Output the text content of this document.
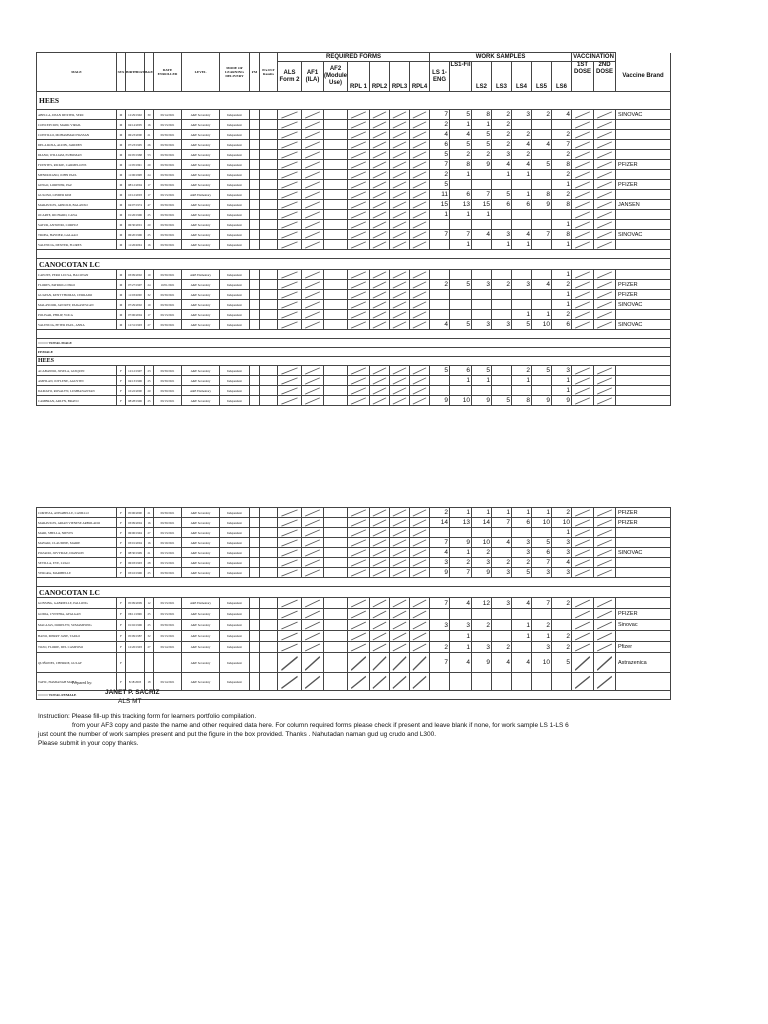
MALE	SEX	BIRTHDATE	AGE	DATE ENROLLED	LEVEL	MODE OF LEARNING DELIVERY	FM	Pre FLT Results	REQUIRED FORMS							WORK SAMPLES							VACCINATION		
									ALS Form 2	AF1 (ILA)	AF2 (Module Use)	RPL 1	RPL2	RPL3	RPL4	LS 1-ENG	LS1-Fil	LS2	LS3	LS4	LS5	LS6	1ST DOSE	2ND DOSE	Vaccine Brand
HEES																									
ABELLA, DEAN DEXTER, SERC	M	12/29/1992	30	09/14/2021	A&E Secondary	Independent										7	5	8	2	3	2	4			SINOVAC
CONCEPCION, MARK VIRGIL	M	04/14/2005	16	09/13/2021	A&E Secondary	Independent										2	1	1	2				

CONTILLO, MOHAMMAD HASSAN	M	06/23/2000	21	09/30/2021	A&E Secondary	Independent										4	4	5	2	2		2	

DELA ROSA, ALDIN, JARDIEN	M	07/23/1995	26	09/30/2021	A&E Secondary	Independent										6	5	5	2	4	4	7	

DIANO, WILLIAM, EUBOMAN	M	02/05/1968	53	09/30/2021	A&E Secondary	Independent										5	2	2	3	2		2	

FUENTES, RICKIE, CARMELO/NS	M	11/05/1991	29	09/30/2021	A&E Secondary	Independent										7	8	9	4	4	5	8			PFIZER
MENDOZANO, JOHN PAUL	M	11/06/1998	24	09/30/2021	A&E Secondary	Independent										2	1		1	1		2	

GINGO, LORENER, PAZ	M	08/12/2004	17	09/30/2021	A&E Secondary	Independent										5						1			PFIZER
GULOSO, LINDER KIM	M	10/12/2003	17	09/13/2021	A&E Elementary	Independent										11	6	7	5	1	8	2	

MARAVILES, ARNOLD, BALANZO	M	04/07/1974	47	09/30/2021	A&E Secondary	Independent										15	13	15	6	6	9	8			JANSEN
OCARTE, RICHARD, CANA	M	01/26/1996	25	09/30/2021	A&E Secondary	Independent										1	1	1					

SATUR, ANTONIO, CORPUZ	M	06/30/2001	20	09/30/2021	A&E Secondary	Independent																1	

TROPA, HAYDER, GALAAO	M	06/20/1996	25	09/30/2021	A&E Secondary	Independent										7	7	4	3	4	7	8			SINOVAC
VALENCIA, DEXTER, FLORES	M	11/26/2004	16	09/30/2021	A&E Secondary	Independent											1		1	1		1	

CANOCOTAN LC																									
CAPOTE, PERO LUCSA, HACOTAN	M	03/09/2002	19	09/30/2021	A&E Elementary	Independent																1	

FLORES, PATRIOG CISKO	M	07/27/1997	24	10/01/2021	A&E Secondary	Independent										2	5	3	2	3	4	2			PFIZER
GUAYAN, KENT THOMAS, CERRADO	M	11/03/2000	32	09/30/2021	A&E Secondary	Independent																1			PFIZER
MALAYOOR, JAN REY, PAIGASESCAN	M	07/29/2002	19	09/30/2021	A&E Secondary	Independent																1			SINOVAC
POLISAR, PHILIP, YOCA	M	07/06/2004	17	09/13/2021	A&E Secondary	Independent														1	1	2	

VALENCIA, PETER PAUL, ANNA	M	12/31/1993	27	09/30/2021	A&E Secondary	Independent										4	5	3	3	5	10	6			SINOVAC

===== TOTAL MALE																									
FEMALE																									
HEES																									
ACABANDO, JOSELA, GUIQUIN	F	12/12/1997	23	09/30/2021	A&E Secondary	Independent										5	6	5		2	5	3	

AMPILAN, JOYLENE, AGUSTIN	F	04/13/1996	25	09/30/2021	A&E Secondary	Independent											1	1		1		1	

DAMAYO, ROSALYN, LUMBANANTAN	F	10/22/2000	20	09/30/2021	A&E Elementary	Independent																1	

CAMBRAN, ARLYN, BRAVO	F	08/28/1996	25	09/13/2021	A&E Secondary	Independent										9	10	9	5	8	9	9	

CORTEZA, ANNABELLE, CANILLO	F	05/06/2000	21	09/30/2021	A&E Secondary	Independent										2	1	1	1	1	1	2			PFIZER
MARAVILES, ARIAN VIENESE ARBOLADO	F	03/09/2004	16	09/30/2021	A&E Secondary	Independent										14	13	14	7	6	10	10			PFIZER
MARI, SHELLA, NIEVES	F	06/06/1994	27	09/13/2021	A&E Secondary	Independent																1	

MAYAKI, CLAUDINE, MARIE	F	03/01/2004	16	09/19/2021	A&E Secondary	Independent										7	9	10	4	3	5	3	

POZADO, JOVYMAE, DIANSON	F	08/30/1999	21	09/13/2021	A&E Secondary	Independent										4	1	2		3	6	3			SINOVAC
SEVILLA, EVE, LUGO	F	06/03/1993	28	09/13/2021	A&E Secondary	Independent										3	2	3	2	2	7	4	

VERGRA, MARIBELLE	F	03/16/1996	25	09/30/2021	A&E Secondary	Independent										9	7	9	3	5	3	3	

CANOCOTAN LC																									
GONSING, GABRIELLE, PALLONG	F	05/09/2009	12	09/13/2021	A&E Elementary	Independent										7	4	12	3	4	7	2	

GODIA, CYNTHIA, AYALGAN	F	06/11/1996	25	09/13/2021	A&E Secondary	Independent																			PFIZER
MACAJAS, DORELYN, SUMAMPONG	F	01/02/1996	25	09/30/2021	A&E Secondary	Independent										3	3	2		1	2				Sinovac
BANO, MERRY JANE, TAPAO	F	05/09/1987	32	09/13/2021	A&E Secondary	Independent											1			1	1	2	

TOZO, FLORIE, DEL CAMPOSO	F	12/26/1993	27	09/14/2021	A&E Secondary	Independent										2	1	3	2		3	2			Pfizer
QUIÑONES, CHERRIE, GULAY	F				A&E Secondary	Independent										7	4	9	4	4	10	5			Astrazenica
TAPIC, HAMIANAH MAE T.	F	8/18/2003	18	09/14/2021	A&E Secondary	Independent			

===== TOTAL FEMALE																									
Prepared by:
JANET P. SACRIZ
ALS MT
Instruction: Please fill-up this tracking form for learners portfolio compilation.
from your AF3 copy and paste the name and other required data here. For column required forms please check if present and leave blank if none, for work sample LS 1-LS 6
just count the number of work samples present and put the figure in the box provided. Thanks . Nahutadan naman gud ug crudo and L300.
Please submit in your copy thanks.
